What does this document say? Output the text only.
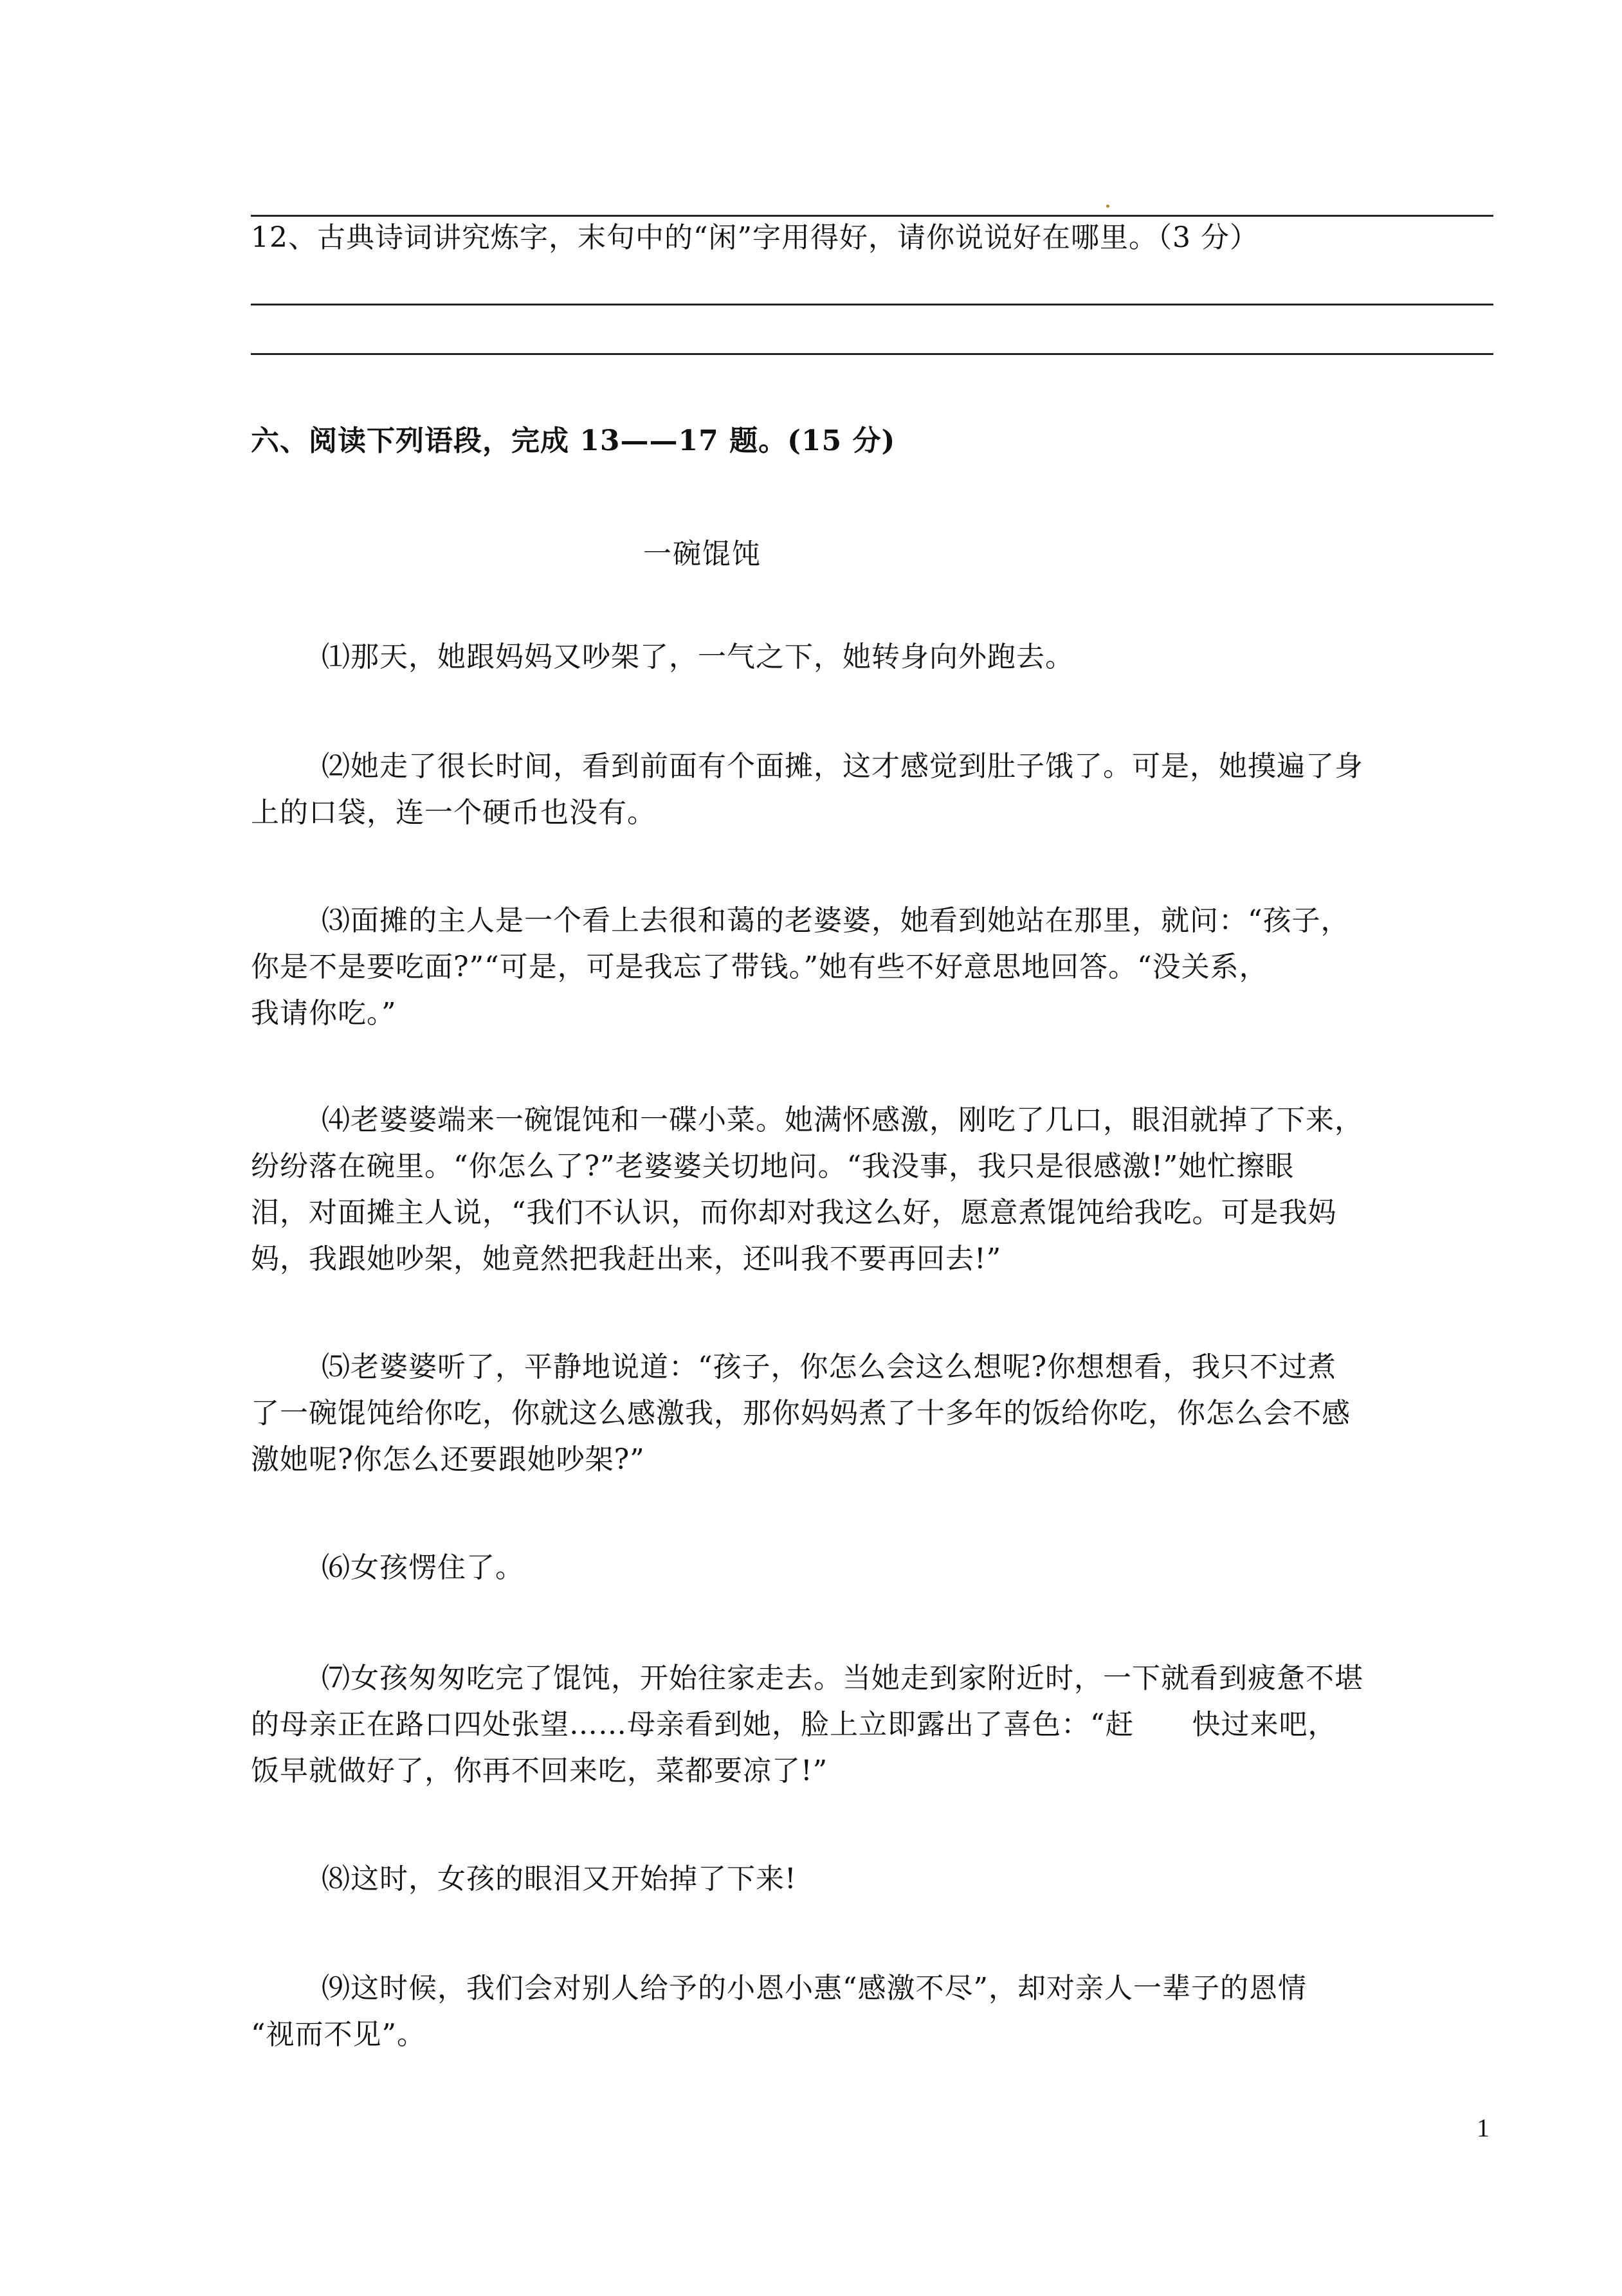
12、古典诗词讲究炼字，末句中的“闲”字用得好，请你说说好在哪里。（3 分）
六、阅读下列语段，完成 13——17 题。(15 分)
一碗馄饨
⑴那天，她跟妈妈又吵架了，一气之下，她转身向外跑去。
⑵她走了很长时间，看到前面有个面摊，这才感觉到肚子饿了。可是，她摸遍了身
上的口袋，连一个硬币也没有。
⑶面摊的主人是一个看上去很和蔼的老婆婆，她看到她站在那里，就问：“孩子，
你是不是要吃面?”“可是，可是我忘了带钱。”她有些不好意思地回答。“没关系，
我请你吃。”
⑷老婆婆端来一碗馄饨和一碟小菜。她满怀感激，刚吃了几口，眼泪就掉了下来，
纷纷落在碗里。“你怎么了?”老婆婆关切地问。“我没事，我只是很感激!”她忙擦眼
泪，对面摊主人说，“我们不认识，而你却对我这么好，愿意煮馄饨给我吃。可是我妈
妈，我跟她吵架，她竟然把我赶出来，还叫我不要再回去!”
⑸老婆婆听了，平静地说道：“孩子，你怎么会这么想呢?你想想看，我只不过煮
了一碗馄饨给你吃，你就这么感激我，那你妈妈煮了十多年的饭给你吃，你怎么会不感
激她呢?你怎么还要跟她吵架?”
⑹女孩愣住了。
⑺女孩匆匆吃完了馄饨，开始往家走去。当她走到家附近时，一下就看到疲惫不堪
的母亲正在路口四处张望……母亲看到她，脸上立即露出了喜色：“赶　　快过来吧，
饭早就做好了，你再不回来吃，菜都要凉了!”
⑻这时，女孩的眼泪又开始掉了下来!
⑼这时候，我们会对别人给予的小恩小惠“感激不尽”，却对亲人一辈子的恩情
“视而不见”。
1
